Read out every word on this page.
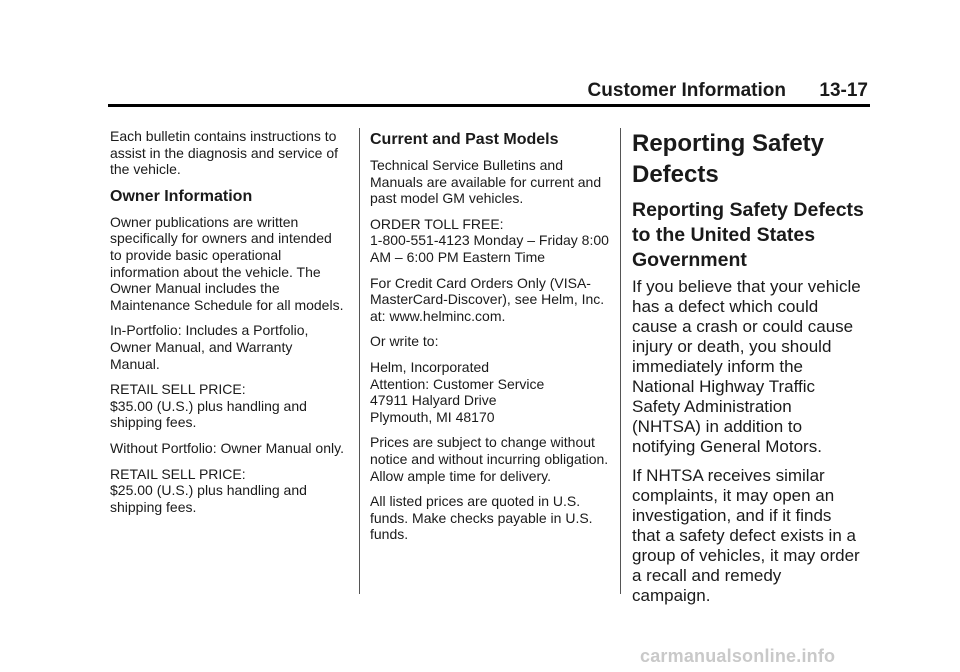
Customer Information 13-17

Each bulletin contains instructions to assist in the diagnosis and service of the vehicle.

Owner Information

Owner publications are written specifically for owners and intended to provide basic operational information about the vehicle. The Owner Manual includes the Maintenance Schedule for all models.

In-Portfolio: Includes a Portfolio, Owner Manual, and Warranty Manual.

RETAIL SELL PRICE:
$35.00 (U.S.) plus handling and shipping fees.

Without Portfolio: Owner Manual only.

RETAIL SELL PRICE:
$25.00 (U.S.) plus handling and shipping fees.

Current and Past Models

Technical Service Bulletins and Manuals are available for current and past model GM vehicles.

ORDER TOLL FREE:
1-800-551-4123 Monday – Friday 8:00 AM – 6:00 PM Eastern Time

For Credit Card Orders Only (VISA-MasterCard-Discover), see Helm, Inc. at: www.helminc.com.

Or write to:

Helm, Incorporated
Attention: Customer Service
47911 Halyard Drive
Plymouth, MI 48170

Prices are subject to change without notice and without incurring obligation. Allow ample time for delivery.

All listed prices are quoted in U.S. funds. Make checks payable in U.S. funds.

Reporting Safety Defects
Reporting Safety Defects to the United States Government

If you believe that your vehicle has a defect which could cause a crash or could cause injury or death, you should immediately inform the National Highway Traffic Safety Administration (NHTSA) in addition to notifying General Motors.

If NHTSA receives similar complaints, it may open an investigation, and if it finds that a safety defect exists in a group of vehicles, it may order a recall and remedy campaign.

carmanualsonline.info
